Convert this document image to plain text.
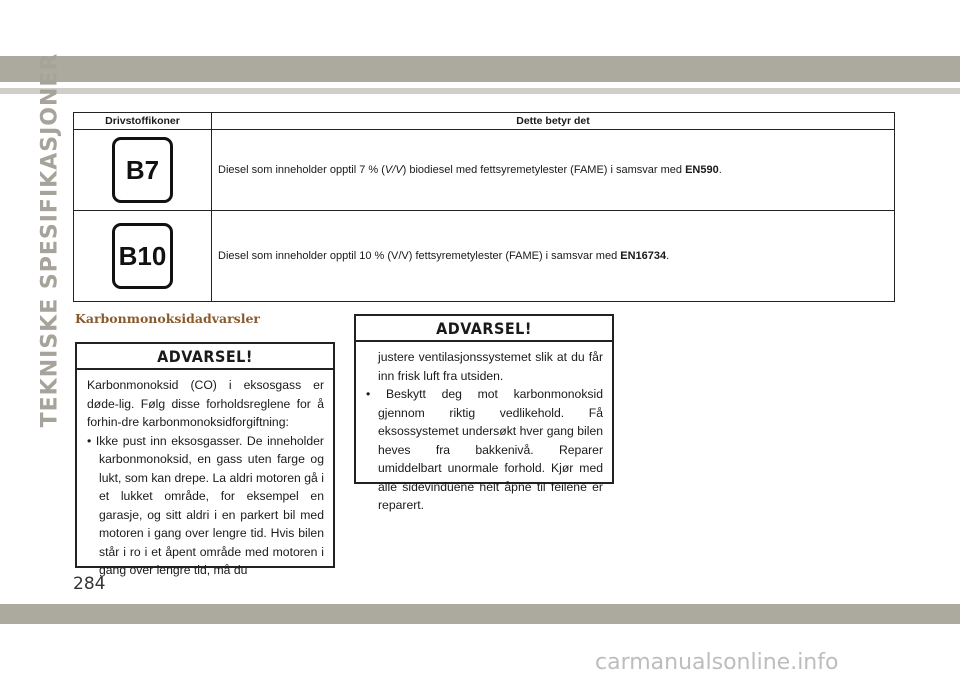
TEKNISKE SPESIFIKASJONER	Drivstoffikoner	Dette betyr det
B7	Diesel som inneholder opptil 7 % (V/V) biodiesel med fettsyremetylester (FAME) i samsvar med EN590.
B10	Diesel som inneholder opptil 10 % (V/V) fettsyremetylester (FAME) i samsvar med EN16734.
Karbonmonoksidadvarsler
ADVARSEL!

Karbonmonoksid (CO) i eksosgass er døde-lig. Følg disse forholdsreglene for å forhin-dre karbonmonoksidforgiftning:

• Ikke pust inn eksosgasser. De inneholder karbonmonoksid, en gass uten farge og lukt, som kan drepe. La aldri motoren gå i et lukket område, for eksempel en garasje, og sitt aldri i en parkert bil med motoren i gang over lengre tid. Hvis bilen står i ro i et åpent område med motoren i gang over lengre tid, må du

ADVARSEL!

justere ventilasjonssystemet slik at du får inn frisk luft fra utsiden.

• Beskytt deg mot karbonmonoksid gjennom riktig vedlikehold. Få eksossystemet undersøkt hver gang bilen heves fra bakkenivå. Reparer umiddelbart unormale forhold. Kjør med alle sidevinduene helt åpne til feilene er reparert.

284
carmanualsonline.info
